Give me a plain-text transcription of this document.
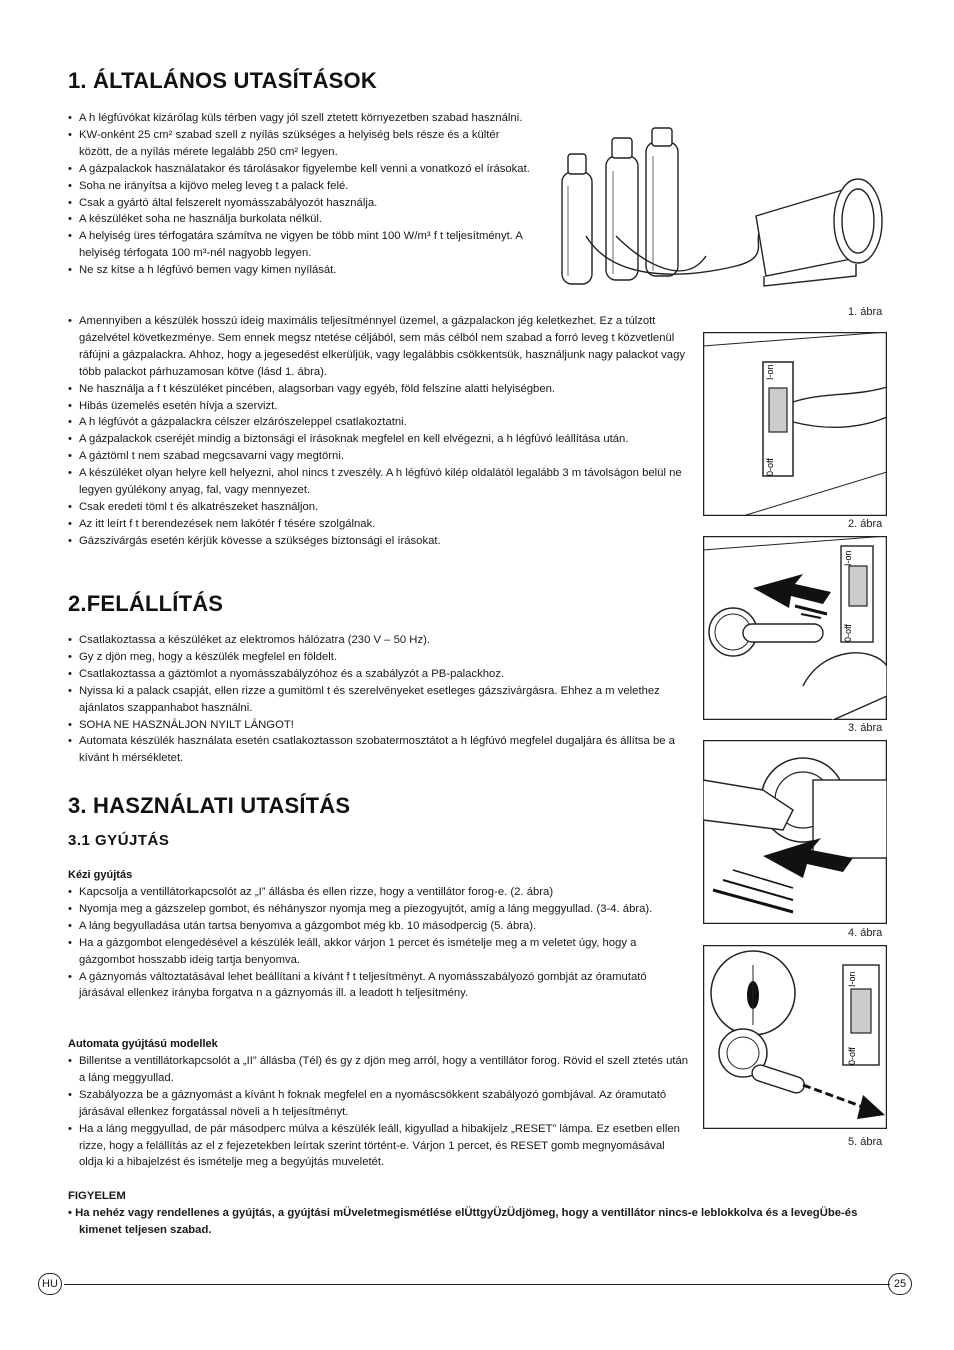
1. ÁLTALÁNOS UTASÍTÁSOK
• A h légfúvókat kizárólag küls térben vagy jól szell ztetett környezetben szabad használni.
• KW-onként 25 cm² szabad szell z nyílás szükséges a helyiség bels része és a kültér között, de a nyílás mérete legalább 250 cm² legyen.
• A gázpalackok használatakor és tárolásakor figyelembe kell venni a vonatkozó el írásokat.
• Soha ne irányítsa a kijövo meleg leveg t a palack felé.
• Csak a gyártó által felszerelt nyomásszabályozót használja.
• A készüléket soha ne használja burkolata nélkül.
• A helyiség üres térfogatára számítva ne vigyen be több mint 100 W/m³ f t teljesítményt. A helyiség térfogata 100 m³-nél nagyobb legyen.
• Ne sz kítse a h légfúvó bemen vagy kimen nyílását.
• Amennyiben a készülék hosszú ideig maximális teljesítménnyel üzemel, a gázpalackon jég keletkezhet. Ez a túlzott gázelvétel következménye. Sem ennek megsz ntetése céljából, sem más célból nem szabad a forró leveg t közvetlenül ráfújni a gázpalackra. Ahhoz, hogy a jegesedést elkerüljük, vagy legalábbis csökkentsük, használjunk nagy palackot vagy több palackot párhuzamosan kötve (lásd 1. ábra).
• Ne használja a f t készüléket pincében, alagsorban vagy egyéb, föld felszíne alatti helyiségben.
• Hibás üzemelés esetén hívja a szervizt.
• A h légfúvót a gázpalackra célszer elzárószeleppel csatlakoztatni.
• A gázpalackok cseréjét mindig a biztonsági el írásoknak megfelel en kell elvégezni, a h légfúvó leállítása után.
• A gáztöml t nem szabad megcsavarni vagy megtörni.
• A készüléket olyan helyre kell helyezni, ahol nincs t zveszély. A h légfúvó kilép oldalától legalább 3 m távolságon belül ne legyen gyúlékony anyag, fal, vagy mennyezet.
• Csak eredeti töml t és alkatrészeket használjon.
• Az itt leírt f t berendezések nem lakótér f tésére szolgálnak.
• Gázszivárgás esetén kérjük kövesse a szükséges biztonsági el írásokat.
2.FELÁLLÍTÁS
• Csatlakoztassa a készüléket az elektromos hálózatra (230 V – 50 Hz).
• Gy z djön meg, hogy a készülék megfelel en földelt.
• Csatlakoztassa a gáztömlot a nyomásszabályzóhoz és a szabályzót a PB-palackhoz.
• Nyissa ki a palack csapját, ellen rizze a gumitöml t és szerelvényeket esetleges gázszivárgásra. Ehhez a m velethez ajánlatos szappanhabot használni.
• SOHA NE HASZNÁLJON NYILT LÁNGOT!
• Automata készülék használata esetén csatlakoztasson szobatermosztátot a h légfúvó megfelel dugaljára és állítsa be a kívánt h mérsékletet.
3. HASZNÁLATI UTASÍTÁS
3.1 GYÚJTÁS
Kézi gyújtás
• Kapcsolja a ventillátorkapcsolót az „I” állásba és ellen rizze, hogy a ventillátor forog-e. (2. ábra)
• Nyomja meg a gázszelep gombot, és néhányszor nyomja meg a piezogyujtót, amíg a láng meggyullad. (3-4. ábra).
• A láng begyulladása után tartsa benyomva a gázgombot még kb. 10 másodpercig (5. ábra).
• Ha a gázgombot elengedésével a készülék leáll, akkor várjon 1 percet és ismételje meg a m veletet úgy, hogy a gázgombot hosszabb ideig tartja benyomva.
• A gáznyomás változtatásával lehet beállítani a kívánt f t teljesítményt. A nyomásszabályozó gombját az óramutató járásával ellenkez irányba forgatva n a gáznyomás ill. a leadott h teljesítmény.
Automata gyújtású modellek
• Billentse a ventillátorkapcsolót a „II” állásba (Tél) és gy z djön meg arról, hogy a ventillátor forog. Rövid el szell ztetés után a láng meggyullad.
• Szabályozza be a gáznyomást a kívánt h foknak megfelel en a nyomáscsökkent szabályozó gombjával. Az óramutató járásával ellenkez forgatással növeli a h teljesítményt.
• Ha a láng meggyullad, de pár másodperc múlva a készülék leáll, kigyullad a hibakijelz „RESET” lámpa. Ez esetben ellen rizze, hogy a felállítás az el z fejezetekben leírtak szerint történt-e. Várjon 1 percet, és RESET gomb megnyomásával oldja ki a hibajelzést és ismételje meg a begyújtás muveletét.
FIGYELEM
• Ha nehéz vagy rendellenes a gyújtás, a gyújtási mÜveletmegismétlése elÜttgyÜzÜdjömeg, hogy a ventillátor nincs-e leblokkolva és a levegÜbe-és kimenet teljesen szabad.
1. ábra
I-on
0-off
2. ábra
I-on
0-off
3. ábra
4. ábra
I-on
0-off
5. ábra
HU	25
